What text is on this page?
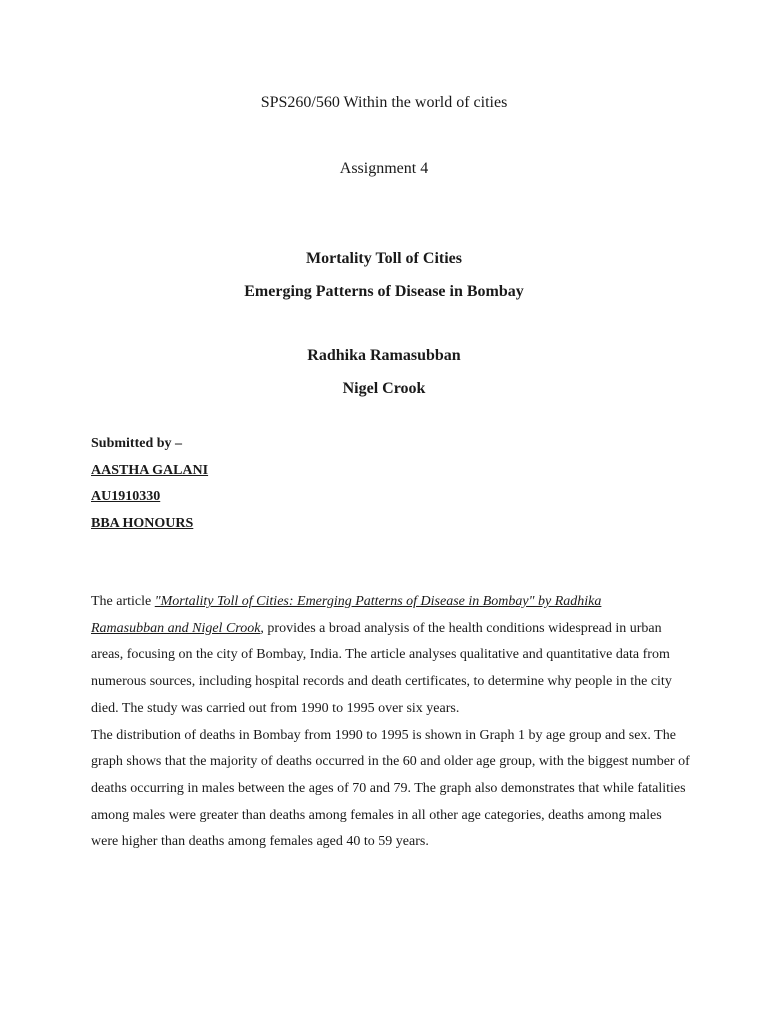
SPS260/560 Within the world of cities
Assignment 4
Mortality Toll of Cities
Emerging Patterns of Disease in Bombay
Radhika Ramasubban
Nigel Crook
Submitted by –
AASTHA GALANI
AU1910330
BBA HONOURS

The article "Mortality Toll of Cities: Emerging Patterns of Disease in Bombay" by Radhika
Ramasubban and Nigel Crook, provides a broad analysis of the health conditions widespread in urban areas, focusing on the city of Bombay, India. The article analyses qualitative and quantitative data from numerous sources, including hospital records and death certificates, to determine why people in the city died. The study was carried out from 1990 to 1995 over six years.

The distribution of deaths in Bombay from 1990 to 1995 is shown in Graph 1 by age group and sex. The graph shows that the majority of deaths occurred in the 60 and older age group, with the biggest number of deaths occurring in males between the ages of 70 and 79. The graph also demonstrates that while fatalities among males were greater than deaths among females in all other age categories, deaths among males were higher than deaths among females aged 40 to 59 years.
